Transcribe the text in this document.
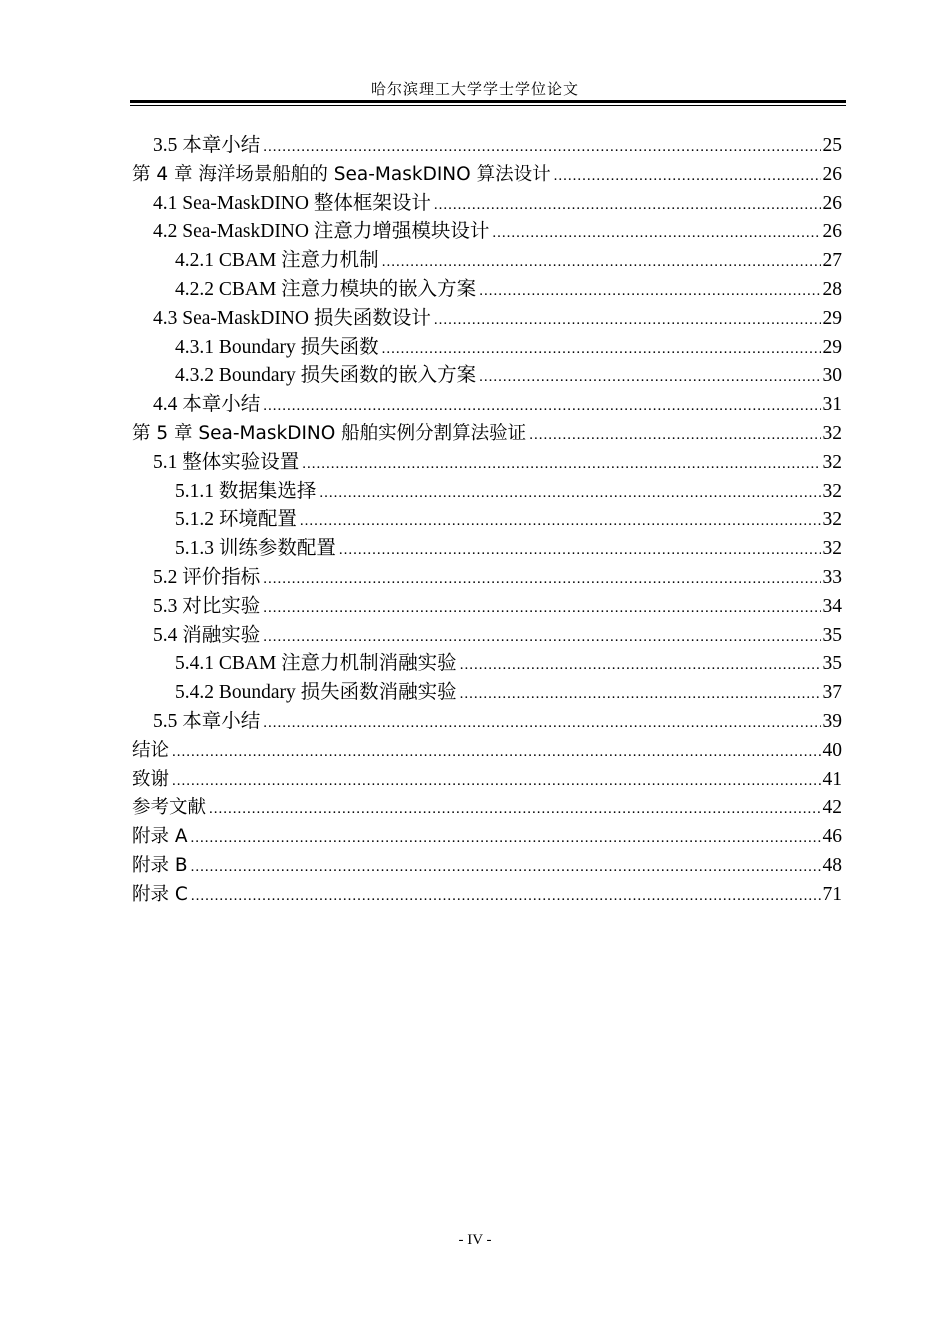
哈尔滨理工大学学士学位论文
3.5 本章小结 .....	25
第 4 章 海洋场景船舶的 Sea-MaskDINO 算法设计 .....	26
4.1 Sea-MaskDINO 整体框架设计 .....	26
4.2 Sea-MaskDINO 注意力增强模块设计 .....	26
4.2.1 CBAM 注意力机制 .....	27
4.2.2 CBAM 注意力模块的嵌入方案 .....	28
4.3 Sea-MaskDINO 损失函数设计 .....	29
4.3.1 Boundary 损失函数 .....	29
4.3.2 Boundary 损失函数的嵌入方案 .....	30
4.4 本章小结 .....	31
第 5 章 Sea-MaskDINO 船舶实例分割算法验证 .....	32
5.1 整体实验设置 .....	32
5.1.1 数据集选择 .....	32
5.1.2 环境配置 .....	32
5.1.3 训练参数配置 .....	32
5.2 评价指标 .....	33
5.3 对比实验 .....	34
5.4 消融实验 .....	35
5.4.1 CBAM 注意力机制消融实验 .....	35
5.4.2 Boundary 损失函数消融实验 .....	37
5.5 本章小结 .....	39
结论 .....	40
致谢 .....	41
参考文献 .....	42
附录 A .....	46
附录 B .....	48
附录 C .....	71
- IV -
